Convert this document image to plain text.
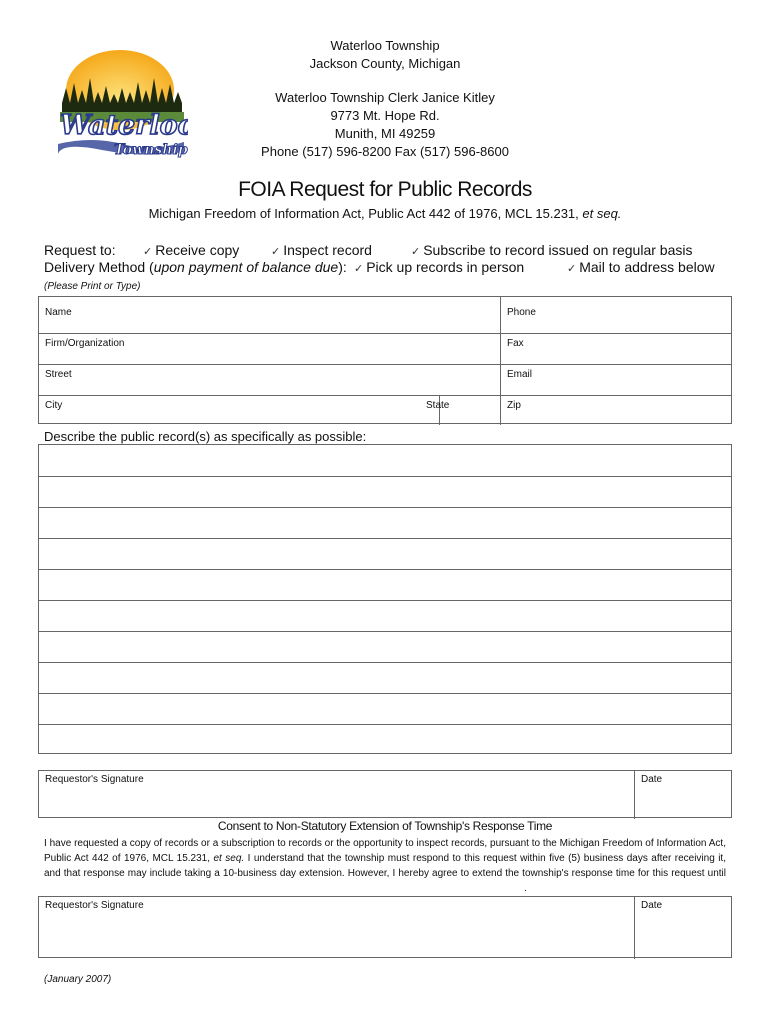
Waterloo
Township
Waterloo Township
Jackson County, Michigan
Waterloo Township Clerk Janice Kitley
9773 Mt. Hope Rd.
Munith, MI 49259
Phone (517) 596-8200 Fax (517) 596-8600
FOIA Request for Public Records
Michigan Freedom of Information Act, Public Act 442 of 1976, MCL 15.231, et seq.
Request to: ✓ Receive copy	✓ Inspect record	✓ Subscribe to record issued on regular basis
Delivery Method (upon payment of balance due): ✓ Pick up records in person	✓ Mail to address below
(Please Print or Type)
Name	Phone
Firm/Organization	Fax
Street	Email
City	State	Zip
Describe the public record(s) as specifically as possible:
Requestor's Signature	Date
Consent to Non-Statutory Extension of Township's Response Time
I have requested a copy of records or a subscription to records or the opportunity to inspect records, pursuant to the Michigan Freedom of Information Act, Public Act 442 of 1976, MCL 15.231, et seq. I understand that the township must respond to this request within five (5) business days after receiving it, and that response may include taking a 10-business day extension. However, I hereby agree to extend the township's response time for this request until .
Requestor's Signature	Date
(January 2007)
